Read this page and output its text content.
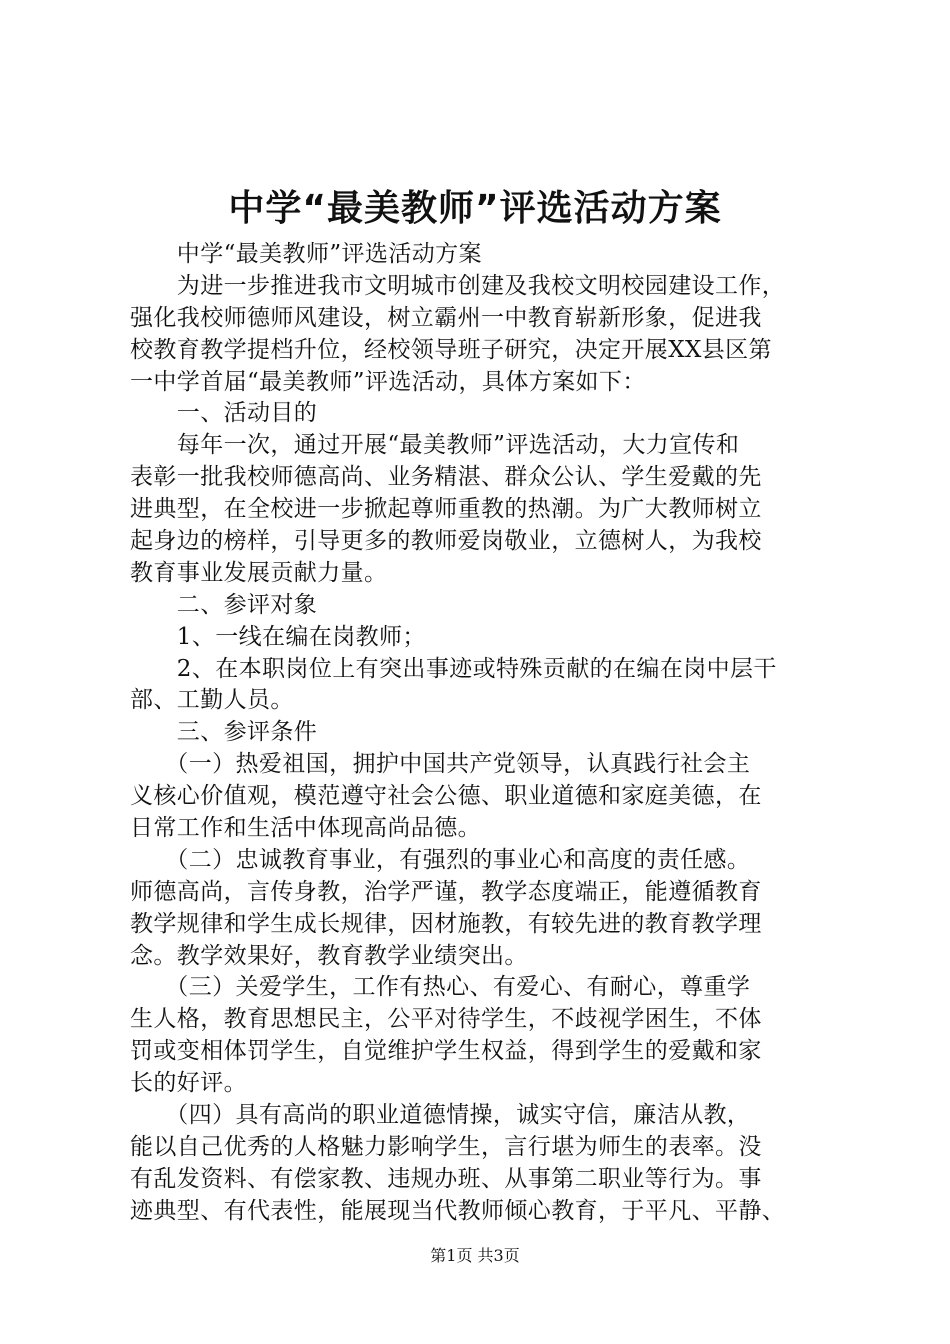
中学“最美教师”评选活动方案
　　中学“最美教师”评选活动方案
　　为进一步推进我市文明城市创建及我校文明校园建设工作，
强化我校师德师风建设，树立霸州一中教育崭新形象，促进我
校教育教学提档升位，经校领导班子研究，决定开展XX县区第
一中学首届“最美教师”评选活动，具体方案如下：
　　一、活动目的
　　每年一次，通过开展“最美教师”评选活动，大力宣传和
表彰一批我校师德高尚、业务精湛、群众公认、学生爱戴的先
进典型，在全校进一步掀起尊师重教的热潮。为广大教师树立
起身边的榜样，引导更多的教师爱岗敬业，立德树人，为我校
教育事业发展贡献力量。
　　二、参评对象
　　1、一线在编在岗教师；
　　2、在本职岗位上有突出事迹或特殊贡献的在编在岗中层干
部、工勤人员。
　　三、参评条件
　　（一）热爱祖国，拥护中国共产党领导，认真践行社会主
义核心价值观，模范遵守社会公德、职业道德和家庭美德，在
日常工作和生活中体现高尚品德。
　　（二）忠诚教育事业，有强烈的事业心和高度的责任感。
师德高尚，言传身教，治学严谨，教学态度端正，能遵循教育
教学规律和学生成长规律，因材施教，有较先进的教育教学理
念。教学效果好，教育教学业绩突出。
　　（三）关爱学生，工作有热心、有爱心、有耐心，尊重学
生人格，教育思想民主，公平对待学生，不歧视学困生，不体
罚或变相体罚学生，自觉维护学生权益，得到学生的爱戴和家
长的好评。
　　（四）具有高尚的职业道德情操，诚实守信，廉洁从教，
能以自己优秀的人格魅力影响学生，言行堪为师生的表率。没
有乱发资料、有偿家教、违规办班、从事第二职业等行为。事
迹典型、有代表性，能展现当代教师倾心教育，于平凡、平静、
第1页 共3页
